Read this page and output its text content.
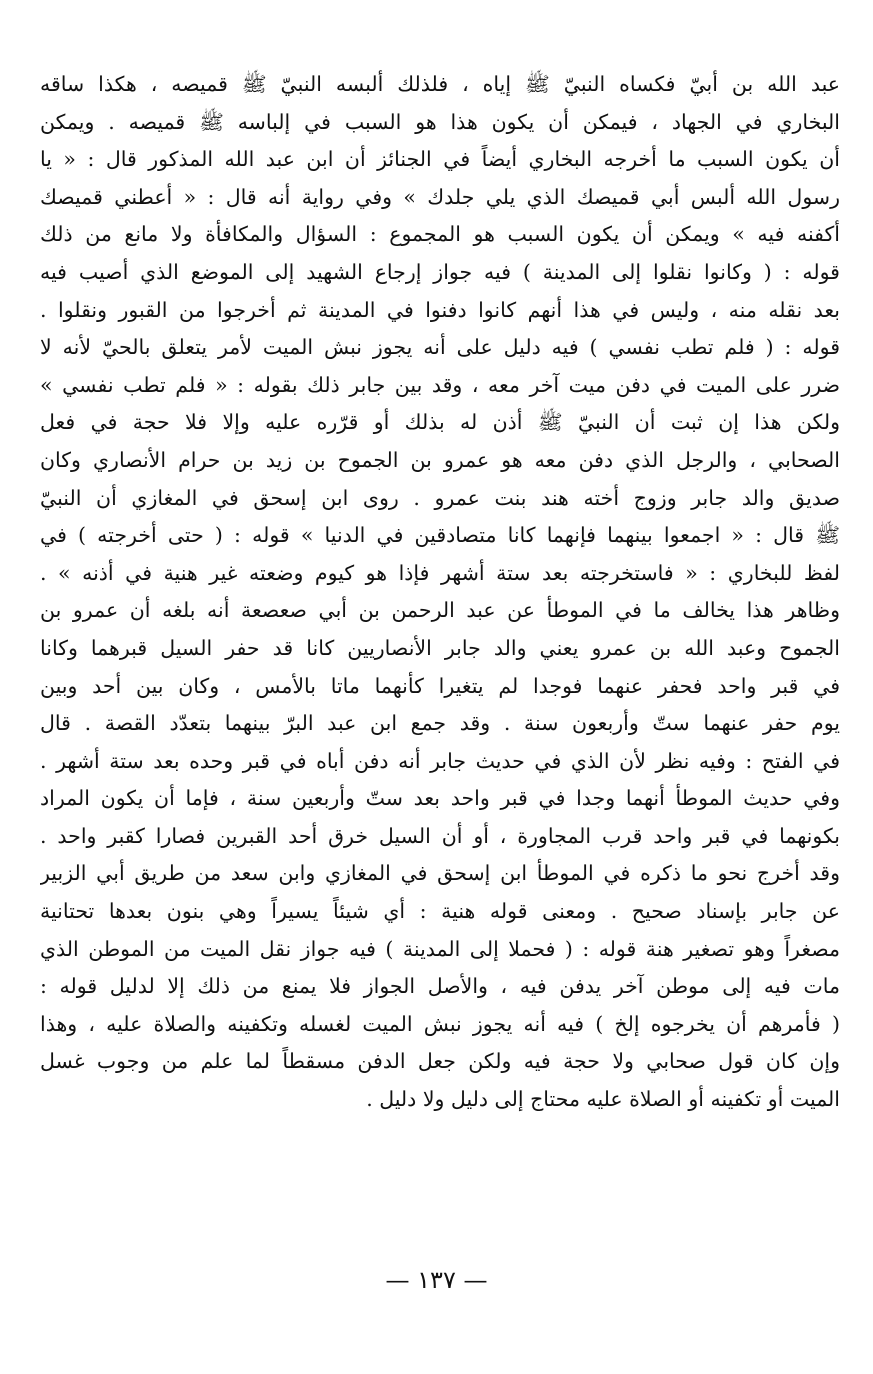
عبد الله بن أبيّ فكساه النبيّ ﷺ إياه ، فلذلك ألبسه النبيّ ﷺ قميصه ، هكذا ساقه
البخاري في الجهاد ، فيمكن أن يكون هذا هو السبب في إلباسه ﷺ قميصه . ويمكن
أن يكون السبب ما أخرجه البخاري أيضاً في الجنائز أن ابن عبد الله المذكور قال : « يا
رسول الله ألبس أبي قميصك الذي يلي جلدك » وفي رواية أنه قال : « أعطني قميصك
أكفنه فيه » ويمكن أن يكون السبب هو المجموع : السؤال والمكافأة ولا مانع من ذلك
قوله : ( وكانوا نقلوا إلى المدينة ) فيه جواز إرجاع الشهيد إلى الموضع الذي أصيب فيه
بعد نقله منه ، وليس في هذا أنهم كانوا دفنوا في المدينة ثم أخرجوا من القبور ونقلوا .
قوله : ( فلم تطب نفسي ) فيه دليل على أنه يجوز نبش الميت لأمر يتعلق بالحيّ لأنه لا
ضرر على الميت في دفن ميت آخر معه ، وقد بين جابر ذلك بقوله : « فلم تطب نفسي »
ولكن هذا إن ثبت أن النبيّ ﷺ أذن له بذلك أو قرّره عليه وإلا فلا حجة في فعل
الصحابي ، والرجل الذي دفن معه هو عمرو بن الجموح بن زيد بن حرام الأنصاري وكان
صديق والد جابر وزوج أخته هند بنت عمرو . روى ابن إسحق في المغازي أن النبيّ
ﷺ قال : « اجمعوا بينهما فإنهما كانا متصادقين في الدنيا » قوله : ( حتى أخرجته ) في
لفظ للبخاري : « فاستخرجته بعد ستة أشهر فإذا هو كيوم وضعته غير هنية في أذنه » .
وظاهر هذا يخالف ما في الموطأ عن عبد الرحمن بن أبي صعصعة أنه بلغه أن عمرو بن
الجموح وعبد الله بن عمرو يعني والد جابر الأنصاريين كانا قد حفر السيل قبرهما وكانا
في قبر واحد فحفر عنهما فوجدا لم يتغيرا كأنهما ماتا بالأمس ، وكان بين أحد وبين
يوم حفر عنهما ستّ وأربعون سنة . وقد جمع ابن عبد البرّ بينهما بتعدّد القصة . قال
في الفتح : وفيه نظر لأن الذي في حديث جابر أنه دفن أباه في قبر وحده بعد ستة أشهر .
وفي حديث الموطأ أنهما وجدا في قبر واحد بعد ستّ وأربعين سنة ، فإما أن يكون المراد
بكونهما في قبر واحد قرب المجاورة ، أو أن السيل خرق أحد القبرين فصارا كقبر واحد .
وقد أخرج نحو ما ذكره في الموطأ ابن إسحق في المغازي وابن سعد من طريق أبي الزبير
عن جابر بإسناد صحيح . ومعنى قوله هنية : أي شيئاً يسيراً وهي بنون بعدها تحتانية
مصغراً وهو تصغير هنة قوله : ( فحملا إلى المدينة ) فيه جواز نقل الميت من الموطن الذي
مات فيه إلى موطن آخر يدفن فيه ، والأصل الجواز فلا يمنع من ذلك إلا لدليل قوله :
( فأمرهم أن يخرجوه إلخ ) فيه أنه يجوز نبش الميت لغسله وتكفينه والصلاة عليه ، وهذا
وإن كان قول صحابي ولا حجة فيه ولكن جعل الدفن مسقطاً لما علم من وجوب غسل
الميت أو تكفينه أو الصلاة عليه محتاج إلى دليل ولا دليل .
— ١٣٧ —
